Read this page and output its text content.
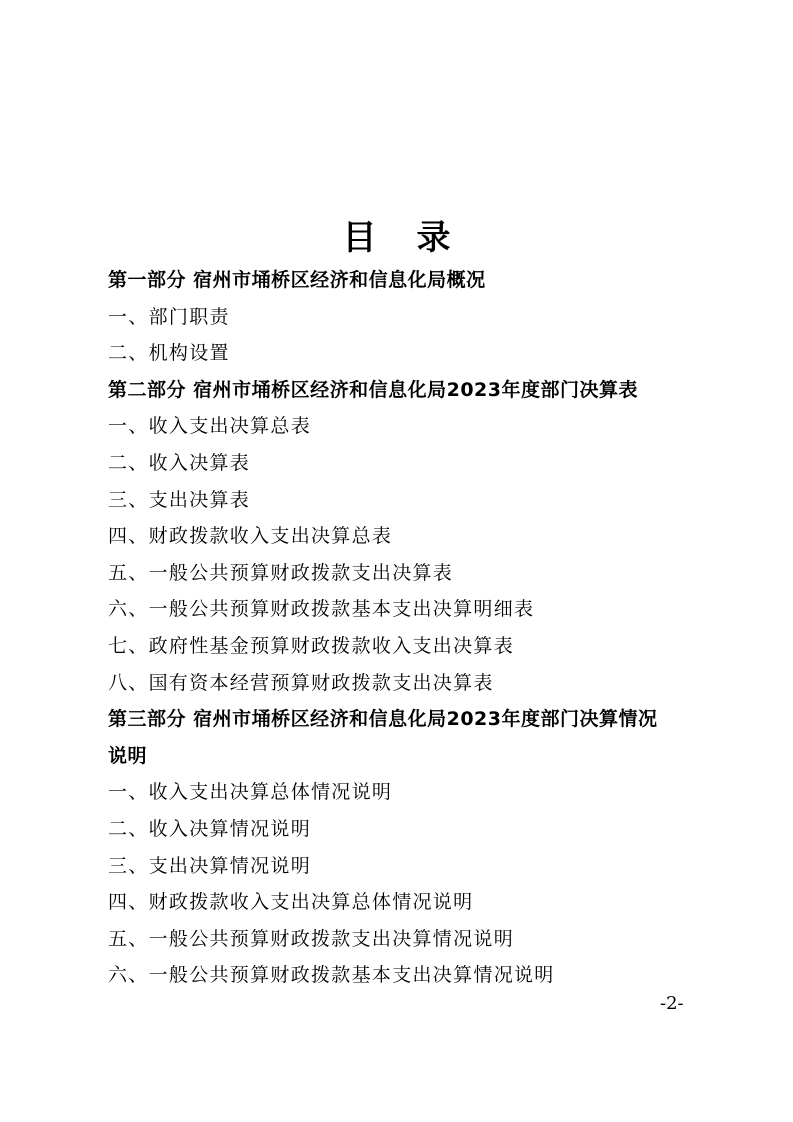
目 录
第一部分 宿州市埇桥区经济和信息化局概况
一、部门职责
二、机构设置
第二部分 宿州市埇桥区经济和信息化局2023年度部门决算表
一、收入支出决算总表
二、收入决算表
三、支出决算表
四、财政拨款收入支出决算总表
五、一般公共预算财政拨款支出决算表
六、一般公共预算财政拨款基本支出决算明细表
七、政府性基金预算财政拨款收入支出决算表
八、国有资本经营预算财政拨款支出决算表
第三部分 宿州市埇桥区经济和信息化局2023年度部门决算情况
说明
一、收入支出决算总体情况说明
二、收入决算情况说明
三、支出决算情况说明
四、财政拨款收入支出决算总体情况说明
五、一般公共预算财政拨款支出决算情况说明
六、一般公共预算财政拨款基本支出决算情况说明
-2-
